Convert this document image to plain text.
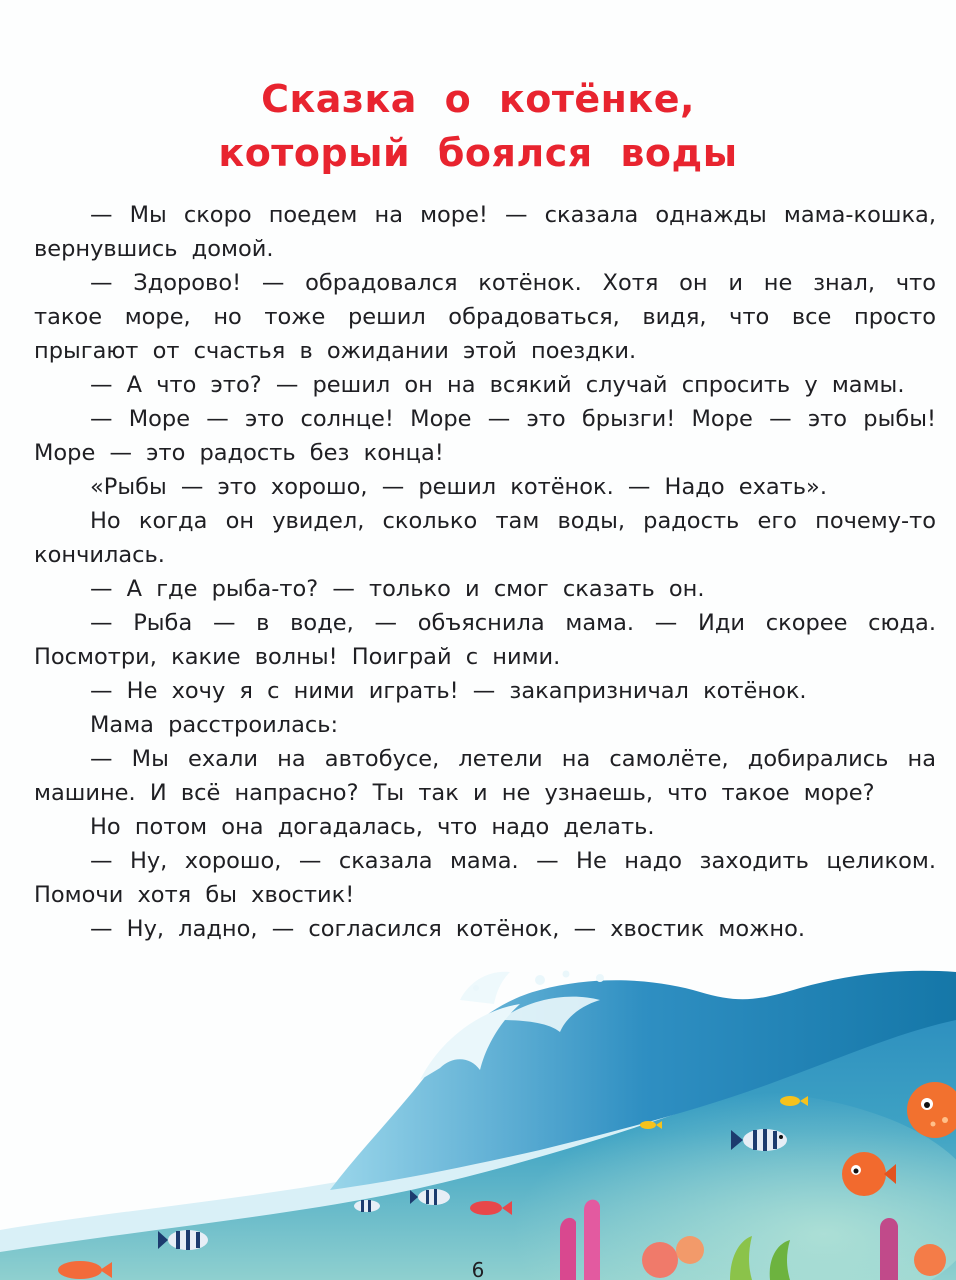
Сказка о котёнке,
который боялся воды

— Мы скоро поедем на море! — сказала однажды мама-кошка, вернувшись домой.

— Здорово! — обрадовался котёнок. Хотя он и не знал, что такое море, но тоже решил обрадоваться, видя, что все просто прыгают от счастья в ожидании этой поездки.

— А что это? — решил он на всякий случай спросить у мамы.

— Море — это солнце! Море — это брызги! Море — это рыбы! Море — это радость без конца!

«Рыбы — это хорошо, — решил котёнок. — Надо ехать».

Но когда он увидел, сколько там воды, радость его почему-то кончилась.

— А где рыба-то? — только и смог сказать он.

— Рыба — в воде, — объяснила мама. — Иди скорее сюда. Посмотри, какие волны! Поиграй с ними.

— Не хочу я с ними играть! — закапризничал котёнок.

Мама расстроилась:

— Мы ехали на автобусе, летели на самолёте, добирались на машине. И всё напрасно? Ты так и не узнаешь, что такое море?

Но потом она догадалась, что надо делать.

— Ну, хорошо, — сказала мама. — Не надо заходить целиком. Помочи хотя бы хвостик!

— Ну, ладно, — согласился котёнок, — хвостик можно.

6
